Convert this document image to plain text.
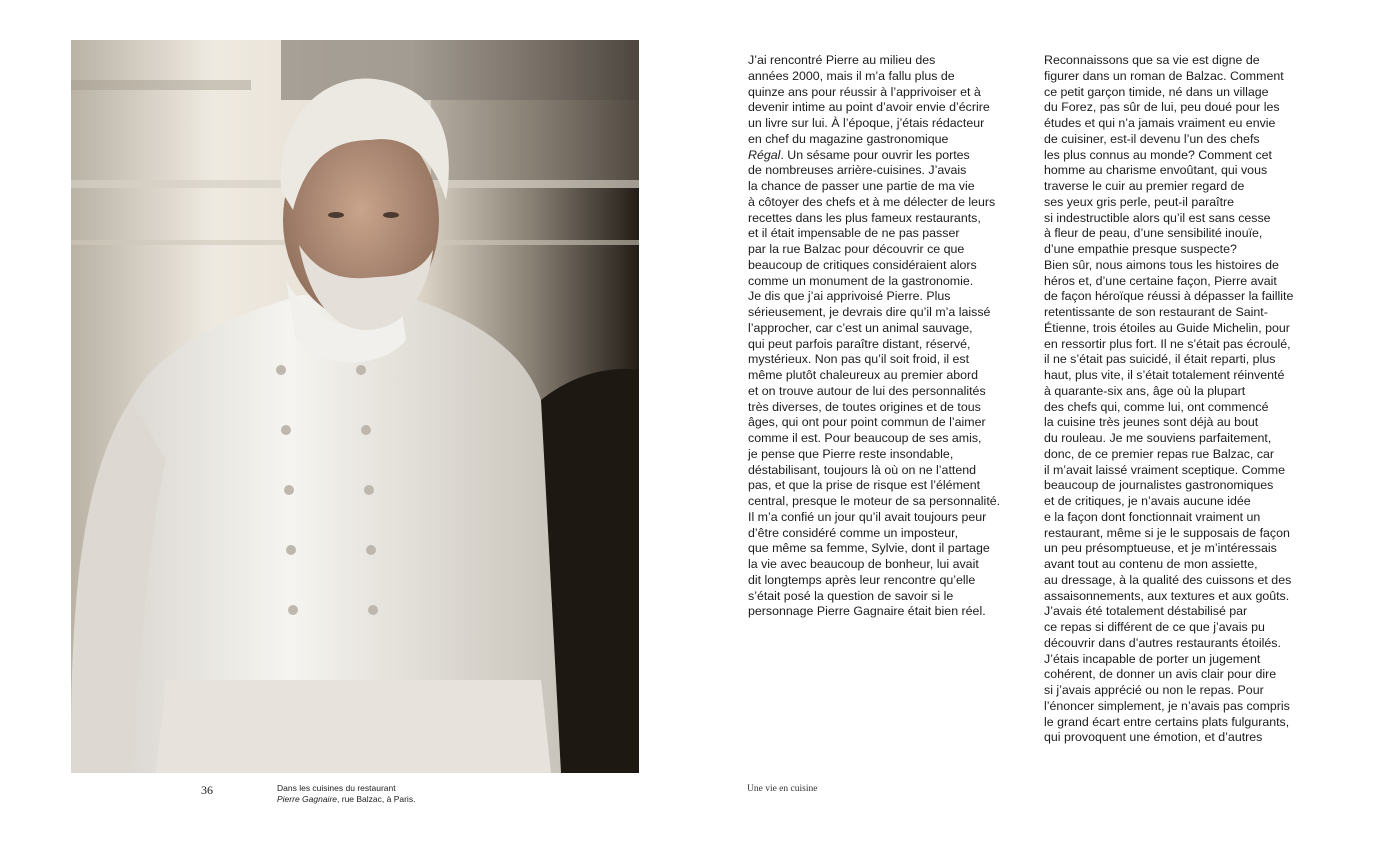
36	Dans les cuisines du restaurant
Pierre Gagnaire, rue Balzac, à Paris.
Une vie en cuisine
J’ai rencontré Pierre au milieu des
années 2000, mais il m’a fallu plus de
quinze ans pour réussir à l’apprivoiser et à
devenir intime au point d’avoir envie d’écrire
un livre sur lui. À l’époque, j’étais rédacteur
en chef du magazine gastronomique
Régal. Un sésame pour ouvrir les portes
de nombreuses arrière-cuisines. J’avais
la chance de passer une partie de ma vie
à côtoyer des chefs et à me délecter de leurs
recettes dans les plus fameux restaurants,
et il était impensable de ne pas passer
par la rue Balzac pour découvrir ce que
beaucoup de critiques considéraient alors
comme un monument de la gastronomie.
Je dis que j’ai apprivoisé Pierre. Plus
sérieusement, je devrais dire qu’il m’a laissé
l’approcher, car c’est un animal sauvage,
qui peut parfois paraître distant, réservé,
mystérieux. Non pas qu’il soit froid, il est
même plutôt chaleureux au premier abord
et on trouve autour de lui des personnalités
très diverses, de toutes origines et de tous
âges, qui ont pour point commun de l’aimer
comme il est. Pour beaucoup de ses amis,
je pense que Pierre reste insondable,
déstabilisant, toujours là où on ne l’attend
pas, et que la prise de risque est l’élément
central, presque le moteur de sa personnalité.
Il m’a confié un jour qu’il avait toujours peur
d’être considéré comme un imposteur,
que même sa femme, Sylvie, dont il partage
la vie avec beaucoup de bonheur, lui avait
dit longtemps après leur rencontre qu’elle
s’était posé la question de savoir si le
personnage Pierre Gagnaire était bien réel.
Reconnaissons que sa vie est digne de
figurer dans un roman de Balzac. Comment
ce petit garçon timide, né dans un village
du Forez, pas sûr de lui, peu doué pour les
études et qui n’a jamais vraiment eu envie
de cuisiner, est-il devenu l’un des chefs
les plus connus au monde? Comment cet
homme au charisme envoûtant, qui vous
traverse le cuir au premier regard de
ses yeux gris perle, peut-il paraître
si indestructible alors qu’il est sans cesse
à fleur de peau, d’une sensibilité inouïe,
d’une empathie presque suspecte?
Bien sûr, nous aimons tous les histoires de
héros et, d’une certaine façon, Pierre avait
de façon héroïque réussi à dépasser la faillite
retentissante de son restaurant de Saint-
Étienne, trois étoiles au Guide Michelin, pour
en ressortir plus fort. Il ne s’était pas écroulé,
il ne s’était pas suicidé, il était reparti, plus
haut, plus vite, il s’était totalement réinventé
à quarante-six ans, âge où la plupart
des chefs qui, comme lui, ont commencé
la cuisine très jeunes sont déjà au bout
du rouleau. Je me souviens parfaitement,
donc, de ce premier repas rue Balzac, car
il m’avait laissé vraiment sceptique. Comme
beaucoup de journalistes gastronomiques
et de critiques, je n’avais aucune idée
e la façon dont fonctionnait vraiment un
restaurant, même si je le supposais de façon
un peu présomptueuse, et je m’intéressais
avant tout au contenu de mon assiette,
au dressage, à la qualité des cuissons et des
assaisonnements, aux textures et aux goûts.
J’avais été totalement déstabilisé par
ce repas si différent de ce que j’avais pu
découvrir dans d’autres restaurants étoilés.
J’étais incapable de porter un jugement
cohérent, de donner un avis clair pour dire
si j’avais apprécié ou non le repas. Pour
l’énoncer simplement, je n’avais pas compris
le grand écart entre certains plats fulgurants,
qui provoquent une émotion, et d’autres
